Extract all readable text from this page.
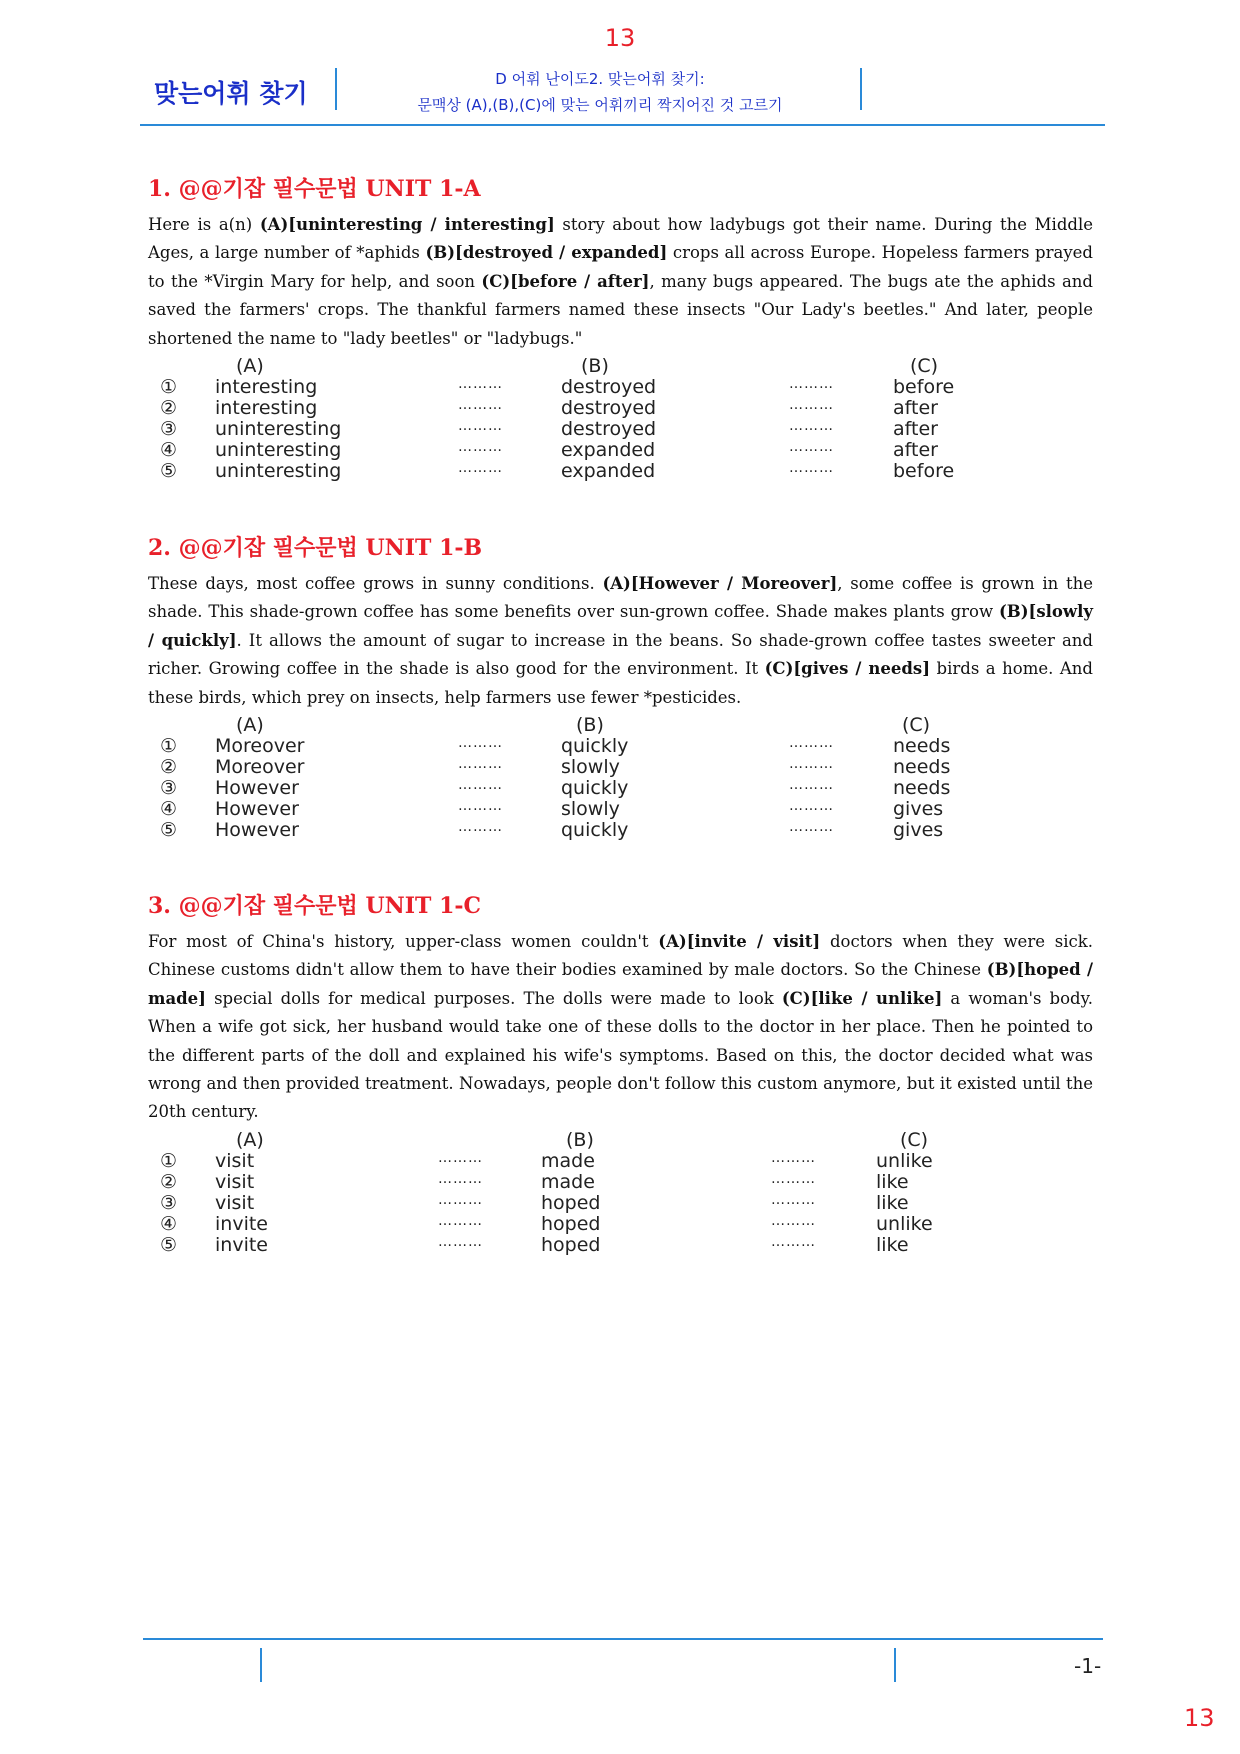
13
맞는어휘 찾기	D 어휘 난이도2. 맞는어휘 찾기:
문맥상 (A),(B),(C)에 맞는 어휘끼리 짝지어진 것 고르기
1. @@기잡 필수문법 UNIT 1-A

Here is a(n) (A)[uninteresting / interesting] story about how ladybugs got their name. During the Middle Ages, a large number of *aphids (B)[destroyed / expanded] crops all across Europe. Hopeless farmers prayed to the *Virgin Mary for help, and soon (C)[before / after], many bugs appeared. The bugs ate the aphids and saved the farmers' crops. The thankful farmers named these insects "Our Lady's beetles." And later, people shortened the name to "lady beetles" or "ladybugs."

(A)	(B)	(C)
① interesting	………	destroyed	………	before
② interesting	………	destroyed	………	after
③ uninteresting	………	destroyed	………	after
④ uninteresting	………	expanded	………	after
⑤ uninteresting	………	expanded	………	before
2. @@기잡 필수문법 UNIT 1-B

These days, most coffee grows in sunny conditions. (A)[However / Moreover], some coffee is grown in the shade. This shade-grown coffee has some benefits over sun-grown coffee. Shade makes plants grow (B)[slowly / quickly]. It allows the amount of sugar to increase in the beans. So shade-grown coffee tastes sweeter and richer. Growing coffee in the shade is also good for the environment. It (C)[gives / needs] birds a home. And these birds, which prey on insects, help farmers use fewer *pesticides.

(A)	(B)	(C)
① Moreover	………	quickly	………	needs
② Moreover	………	slowly	………	needs
③ However	………	quickly	………	needs
④ However	………	slowly	………	gives
⑤ However	………	quickly	………	gives
3. @@기잡 필수문법 UNIT 1-C

For most of China's history, upper-class women couldn't (A)[invite / visit] doctors when they were sick. Chinese customs didn't allow them to have their bodies examined by male doctors. So the Chinese (B)[hoped / made] special dolls for medical purposes. The dolls were made to look (C)[like / unlike] a woman's body. When a wife got sick, her husband would take one of these dolls to the doctor in her place. Then he pointed to the different parts of the doll and explained his wife's symptoms. Based on this, the doctor decided what was wrong and then provided treatment. Nowadays, people don't follow this custom anymore, but it existed until the 20th century.

(A)	(B)	(C)
① visit	………	made	………	unlike
② visit	………	made	………	like
③ visit	………	hoped	………	like
④ invite	………	hoped	………	unlike
⑤ invite	………	hoped	………	like
-1-
13
